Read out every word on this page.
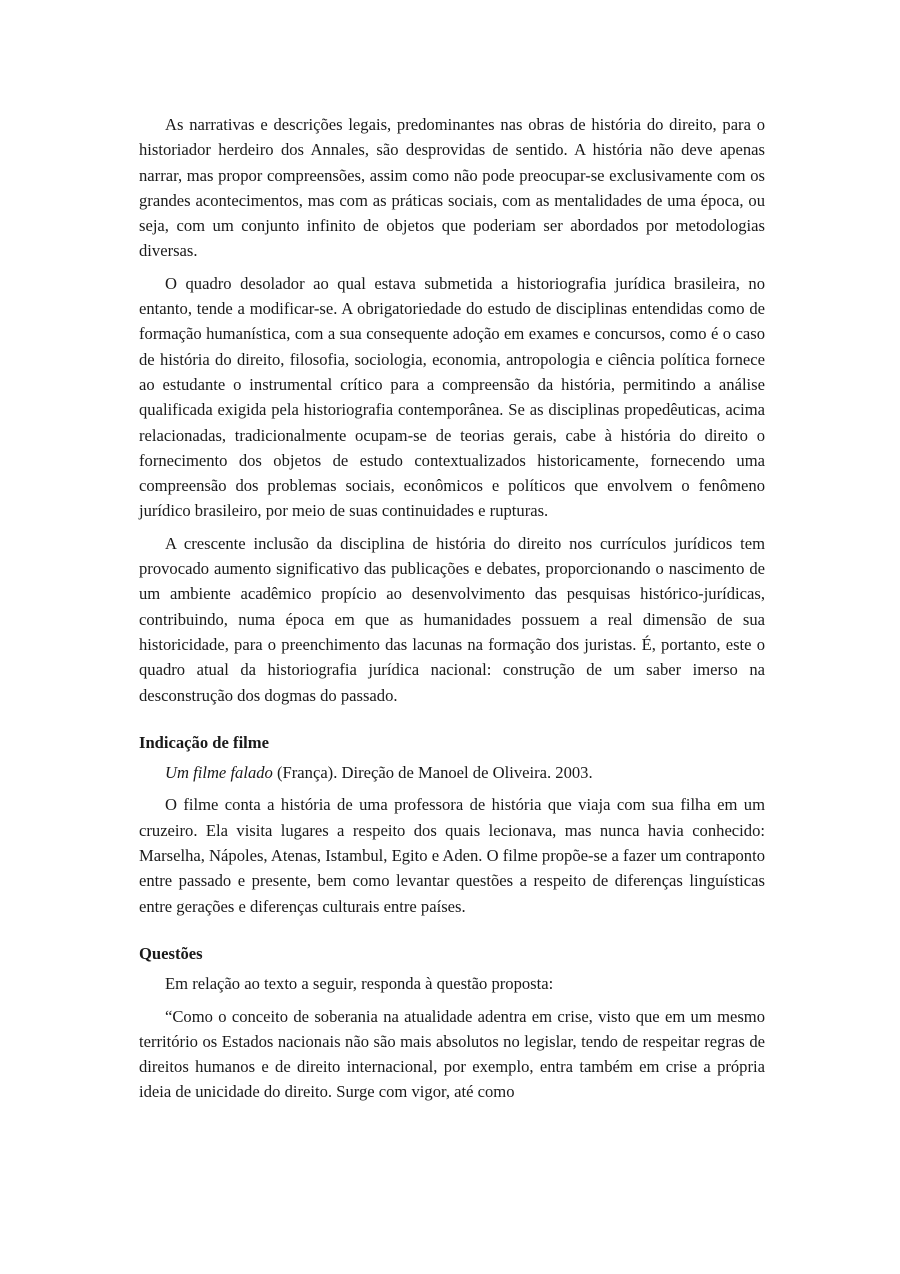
As narrativas e descrições legais, predominantes nas obras de história do direito, para o historiador herdeiro dos Annales, são desprovidas de sentido. A história não deve apenas narrar, mas propor compreensões, assim como não pode preocupar-se exclusivamente com os grandes acontecimentos, mas com as práticas sociais, com as mentalidades de uma época, ou seja, com um conjunto infinito de objetos que poderiam ser abordados por metodologias diversas.

O quadro desolador ao qual estava submetida a historiografia jurídica brasileira, no entanto, tende a modificar-se. A obrigatoriedade do estudo de disciplinas entendidas como de formação humanística, com a sua consequente adoção em exames e concursos, como é o caso de história do direito, filosofia, sociologia, economia, antropologia e ciência política fornece ao estudante o instrumental crítico para a compreensão da história, permitindo a análise qualificada exigida pela historiografia contemporânea. Se as disciplinas propedêuticas, acima relacionadas, tradicionalmente ocupam-se de teorias gerais, cabe à história do direito o fornecimento dos objetos de estudo contextualizados historicamente, fornecendo uma compreensão dos problemas sociais, econômicos e políticos que envolvem o fenômeno jurídico brasileiro, por meio de suas continuidades e rupturas.

A crescente inclusão da disciplina de história do direito nos currículos jurídicos tem provocado aumento significativo das publicações e debates, proporcionando o nascimento de um ambiente acadêmico propício ao desenvolvimento das pesquisas histórico-jurídicas, contribuindo, numa época em que as humanidades possuem a real dimensão de sua historicidade, para o preenchimento das lacunas na formação dos juristas. É, portanto, este o quadro atual da historiografia jurídica nacional: construção de um saber imerso na desconstrução dos dogmas do passado.

Indicação de filme

Um filme falado (França). Direção de Manoel de Oliveira. 2003.

O filme conta a história de uma professora de história que viaja com sua filha em um cruzeiro. Ela visita lugares a respeito dos quais lecionava, mas nunca havia conhecido: Marselha, Nápoles, Atenas, Istambul, Egito e Aden. O filme propõe-se a fazer um contraponto entre passado e presente, bem como levantar questões a respeito de diferenças linguísticas entre gerações e diferenças culturais entre países.

Questões

Em relação ao texto a seguir, responda à questão proposta:

“Como o conceito de soberania na atualidade adentra em crise, visto que em um mesmo território os Estados nacionais não são mais absolutos no legislar, tendo de respeitar regras de direitos humanos e de direito internacional, por exemplo, entra também em crise a própria ideia de unicidade do direito. Surge com vigor, até como
